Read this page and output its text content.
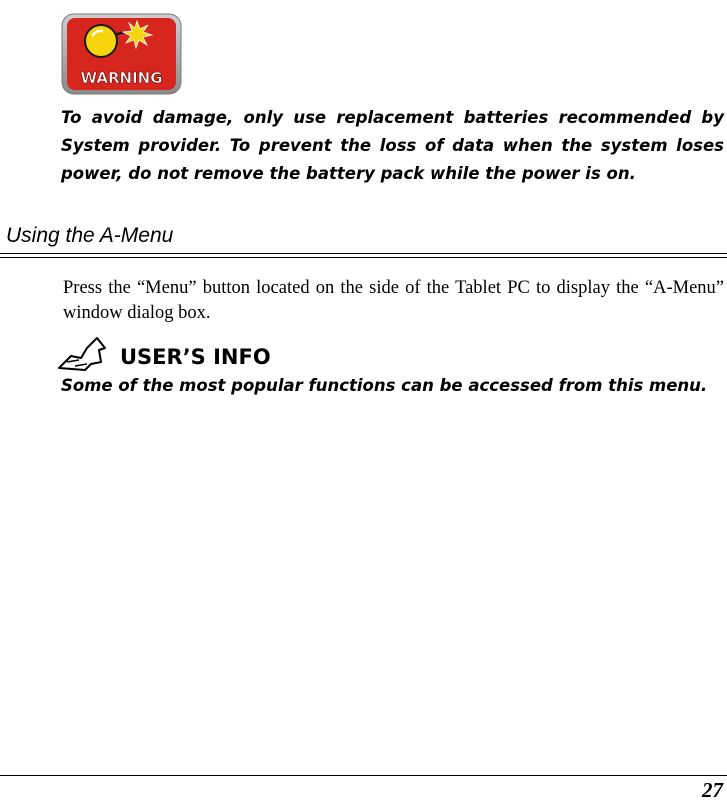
WARNING
To avoid damage, only use replacement batteries recommended by System provider. To prevent the loss of data when the system loses power, do not remove the battery pack while the power is on.
Using the A-Menu

Press the “Menu” button located on the side of the Tablet PC to display the “A-Menu” window dialog box.

USER’S INFO
Some of the most popular functions can be accessed from this menu.
27
